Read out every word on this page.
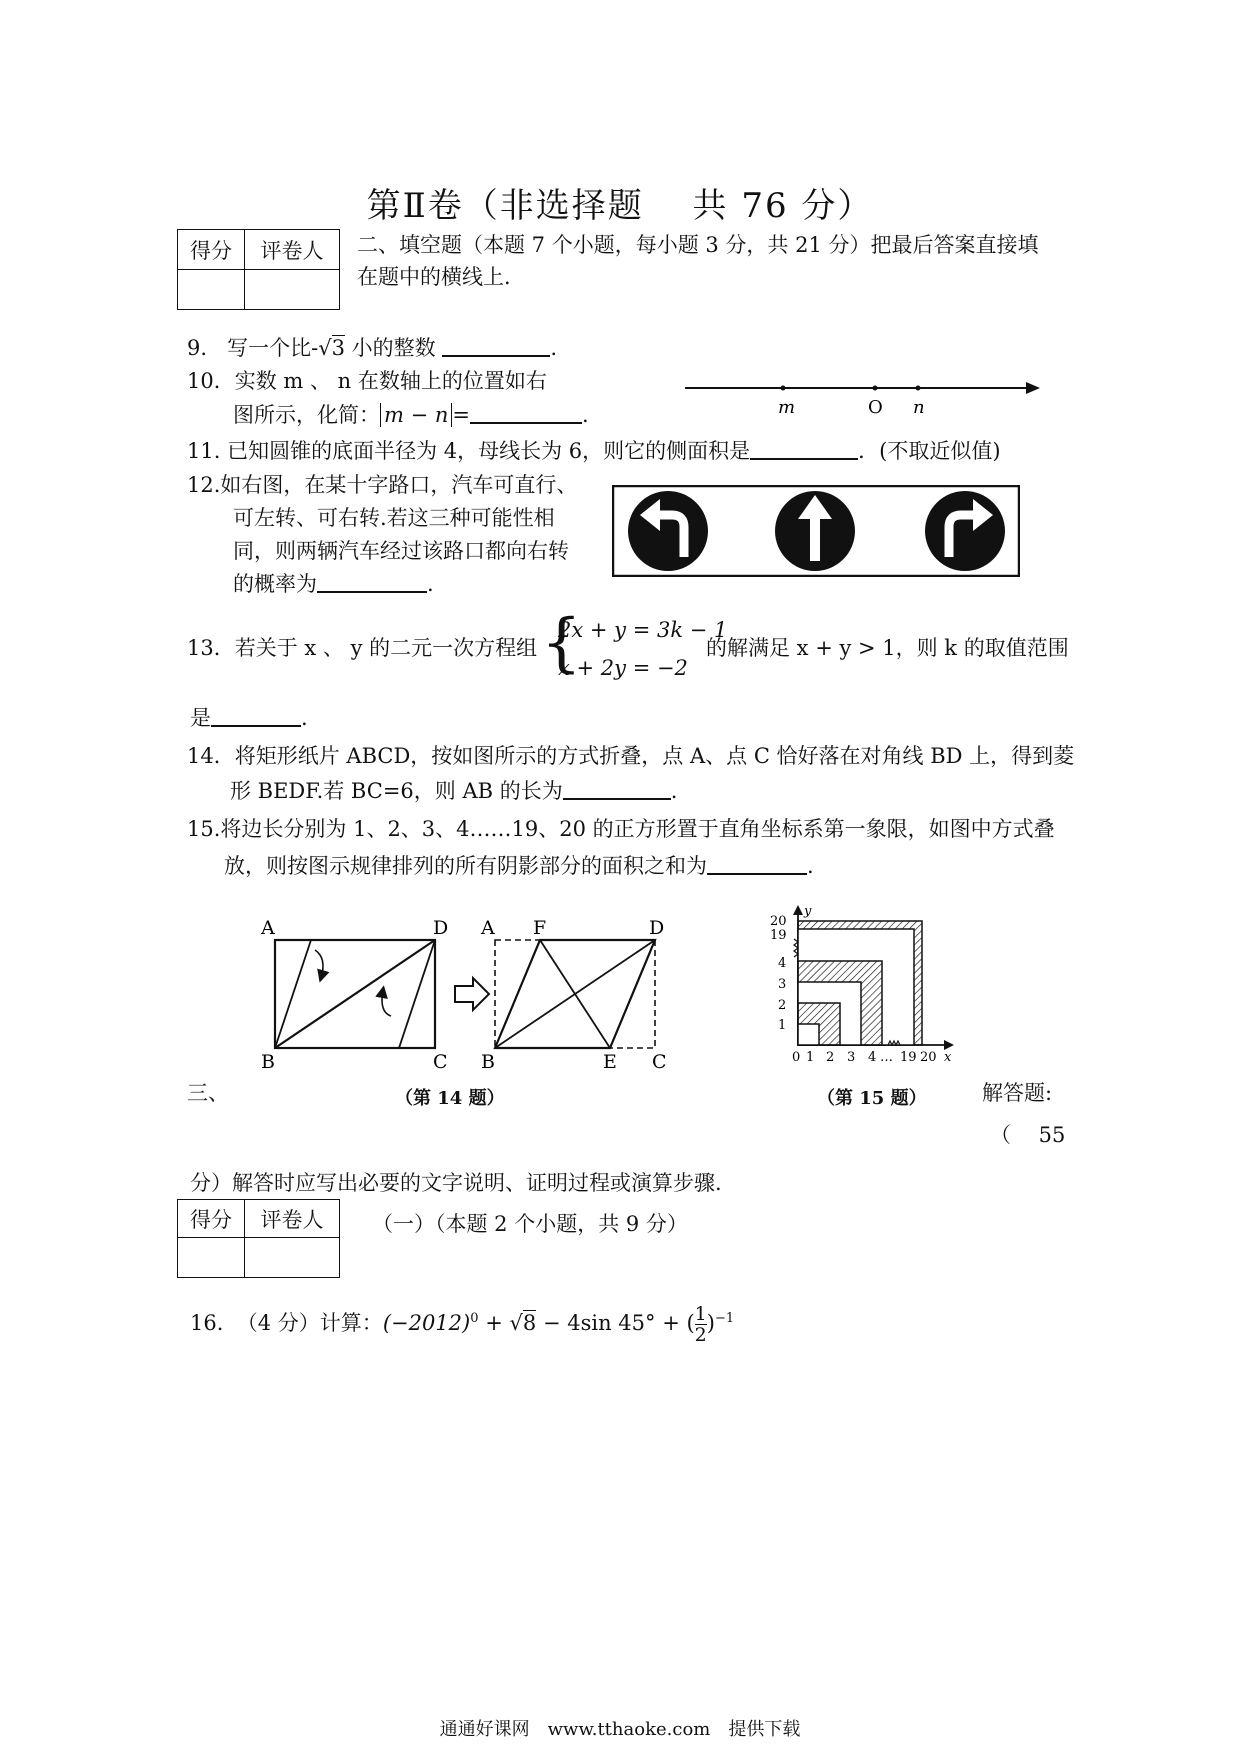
第Ⅱ卷（非选择题　 共 76 分）
得分	评卷人
	二、填空题（本题 7 个小题，每小题 3 分，共 21 分）把最后答案直接填
在题中的横线上．
9. 写一个比-√3 小的整数	.
10．实数 m 、 n 在数轴上的位置如右
图所示，化简： m − n =	.	m	O n
11. 已知圆锥的底面半径为 4，母线长为 6，则它的侧面积是	．(不取近似值)
12.如右图，在某十字路口，汽车可直行、
可左转、可右转.若这三种可能性相
同，则两辆汽车经过该路口都向右转
的概率为	.
13．若关于 x 、 y 的二元一次方程组 {
2x + y = 3k − 1
x + 2y = −2
的解满足 x + y > 1，则 k 的取值范围
是	.
14．将矩形纸片 ABCD，按如图所示的方式折叠，点 A、点 C 恰好落在对角线 BD 上，得到菱
形 BEDF.若 BC=6，则 AB 的长为	.
15.将边长分别为 1、2、3、4……19、20 的正方形置于直角坐标系第一象限，如图中方式叠
放，则按图示规律排列的所有阴影部分的面积之和为	.
A	D
B	C
A F	D
B	E C
20
19
4
3
2
1
0 1 2 3 4 … 19 20 x
y
三、	（第 14 题）	（第 15 题）	解答题:
（　 55
分）解答时应写出必要的文字说明、证明过程或演算步骤.
得分	评卷人
	（一）（本题 2 个小题，共 9 分）
16. （4 分）计算：$(-2012)^0 + √8 - 4\sin$ 45° + ( $\frac{1}{2} )^{-1}$
通通好课网　www.tthaoke.com　提供下载
